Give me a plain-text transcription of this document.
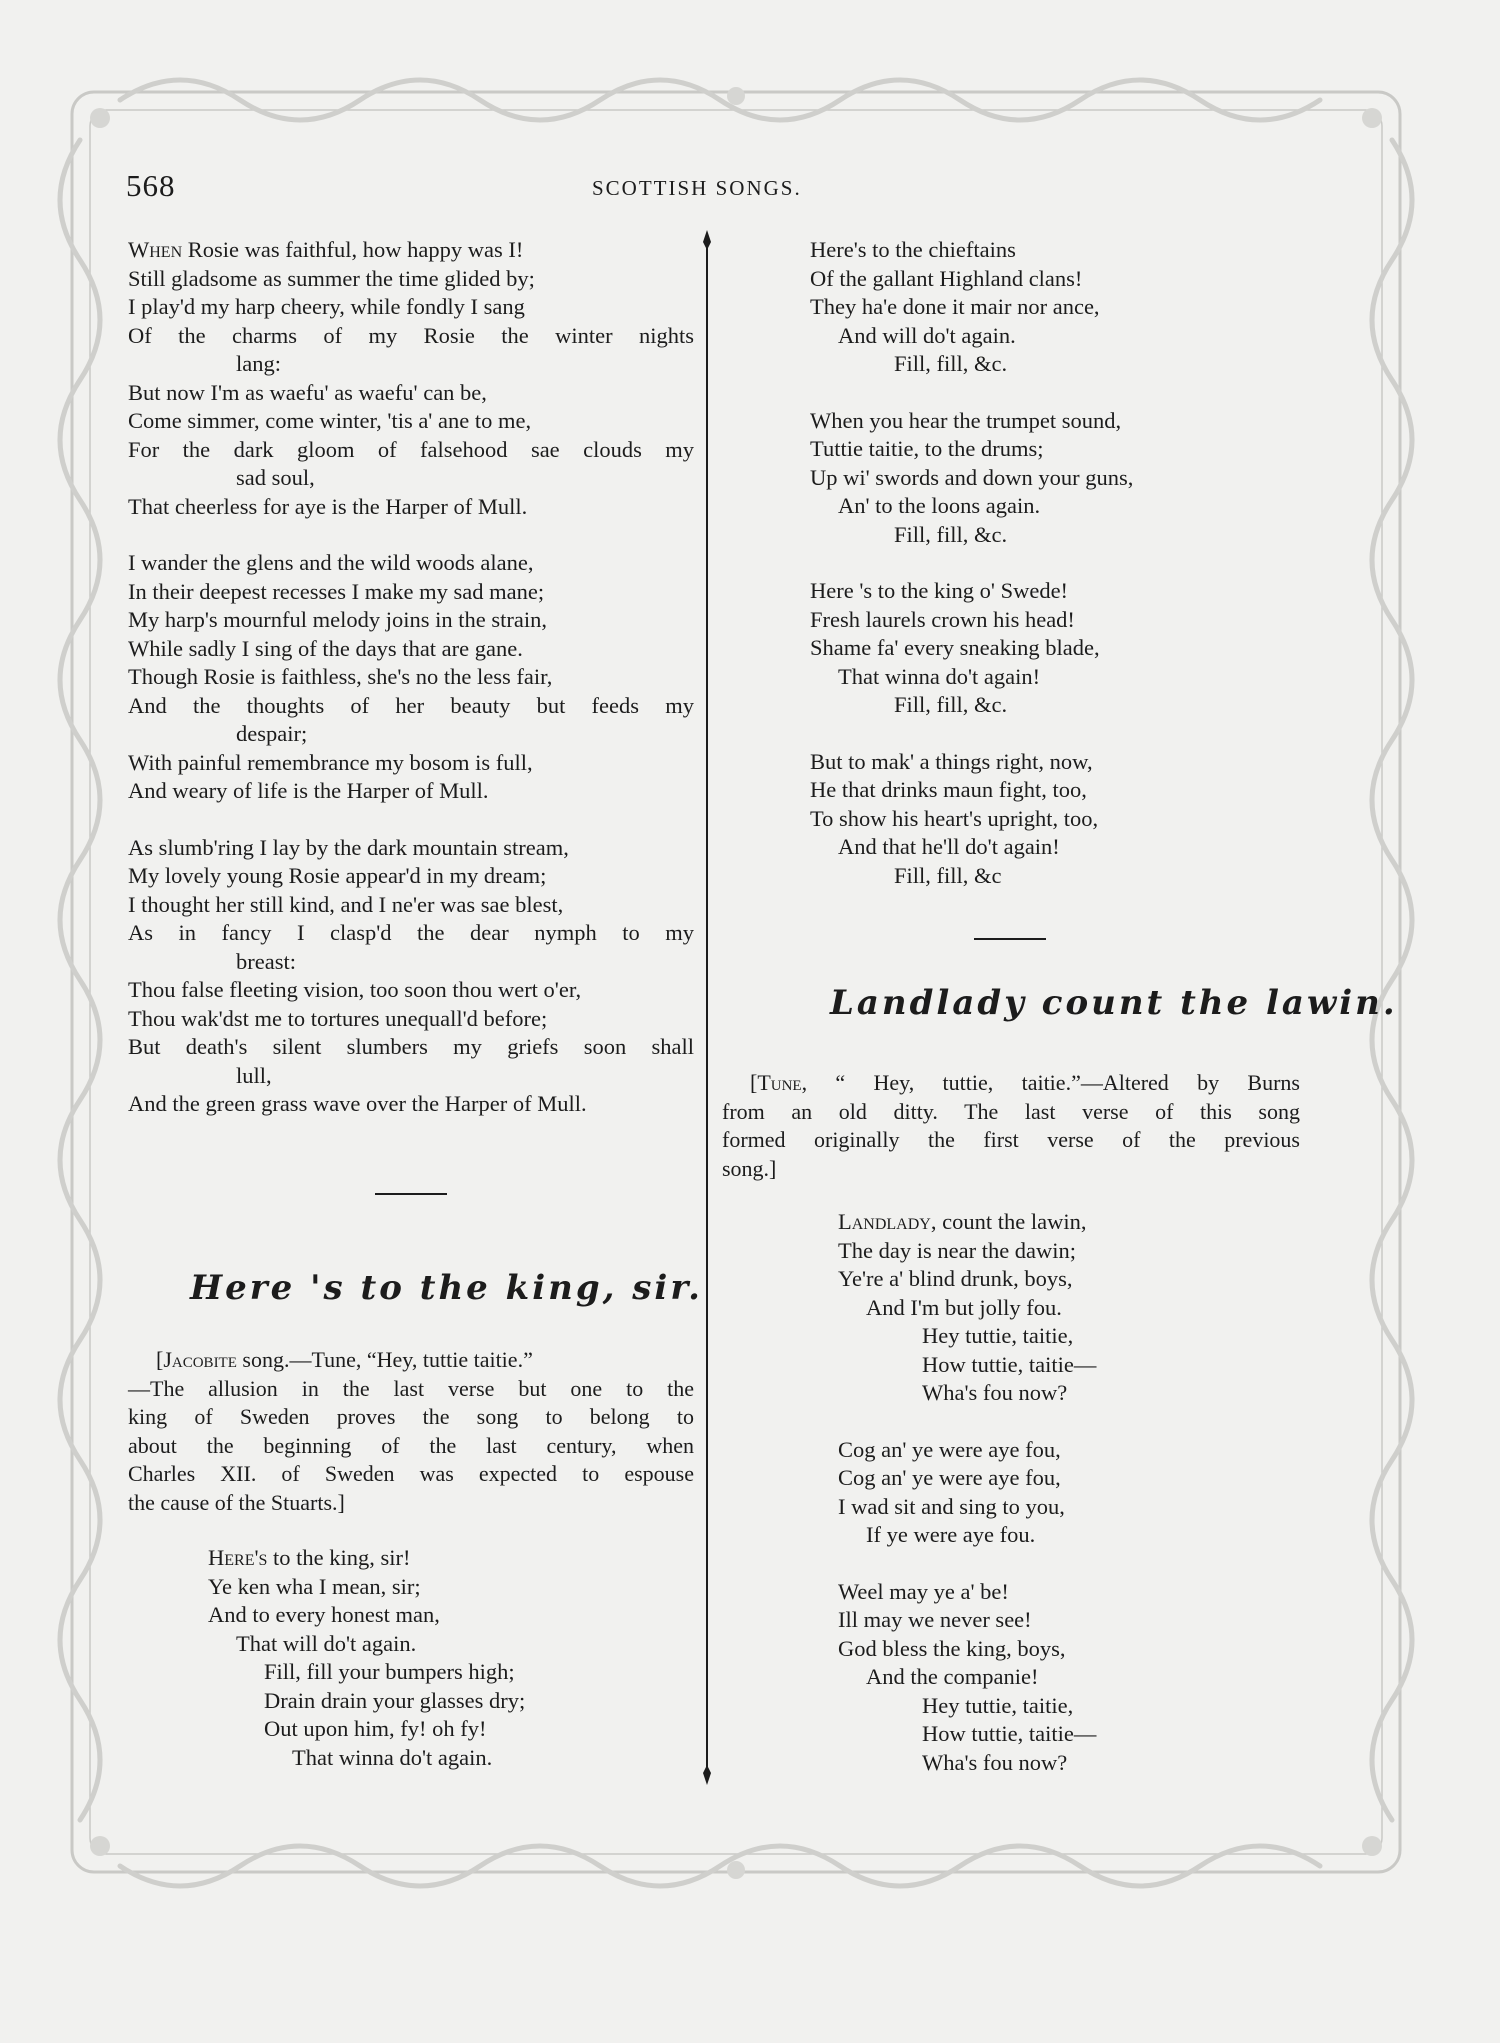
568	SCOTTISH SONGS.
When Rosie was faithful, how happy was I!
Still gladsome as summer the time glided by;
I play'd my harp cheery, while fondly I sang
Of the charms of my Rosie the winter nights
lang:
But now I'm as waefu' as waefu' can be,
Come simmer, come winter, 'tis a' ane to me,
For the dark gloom of falsehood sae clouds my
sad soul,
That cheerless for aye is the Harper of Mull.
I wander the glens and the wild woods alane,
In their deepest recesses I make my sad mane;
My harp's mournful melody joins in the strain,
While sadly I sing of the days that are gane.
Though Rosie is faithless, she's no the less fair,
And the thoughts of her beauty but feeds my
despair;
With painful remembrance my bosom is full,
And weary of life is the Harper of Mull.
As slumb'ring I lay by the dark mountain stream,
My lovely young Rosie appear'd in my dream;
I thought her still kind, and I ne'er was sae blest,
As in fancy I clasp'd the dear nymph to my
breast:
Thou false fleeting vision, too soon thou wert o'er,
Thou wak'dst me to tortures unequall'd before;
But death's silent slumbers my griefs soon shall
lull,
And the green grass wave over the Harper of Mull.
Here 's to the king, sir.
[Jacobite song.—Tune, “Hey, tuttie taitie.”
—The allusion in the last verse but one to the
king of Sweden proves the song to belong to
about the beginning of the last century, when
Charles XII. of Sweden was expected to espouse
the cause of the Stuarts.]
Here's to the king, sir!
Ye ken wha I mean, sir;
And to every honest man,
That will do't again.
Fill, fill your bumpers high;
Drain drain your glasses dry;
Out upon him, fy! oh fy!
That winna do't again.
Here's to the chieftains
Of the gallant Highland clans!
They ha'e done it mair nor ance,
And will do't again.
Fill, fill, &c.
When you hear the trumpet sound,
Tuttie taitie, to the drums;
Up wi' swords and down your guns,
An' to the loons again.
Fill, fill, &c.
Here 's to the king o' Swede!
Fresh laurels crown his head!
Shame fa' every sneaking blade,
That winna do't again!
Fill, fill, &c.
But to mak' a things right, now,
He that drinks maun fight, too,
To show his heart's upright, too,
And that he'll do't again!
Fill, fill, &c
Landlady count the lawin.
[Tune, “ Hey, tuttie, taitie.”—Altered by Burns
from an old ditty. The last verse of this song
formed originally the first verse of the previous
song.]
Landlady, count the lawin,
The day is near the dawin;
Ye're a' blind drunk, boys,
And I'm but jolly fou.
Hey tuttie, taitie,
How tuttie, taitie—
Wha's fou now?
Cog an' ye were aye fou,
Cog an' ye were aye fou,
I wad sit and sing to you,
If ye were aye fou.
Weel may ye a' be!
Ill may we never see!
God bless the king, boys,
And the companie!
Hey tuttie, taitie,
How tuttie, taitie—
Wha's fou now?
